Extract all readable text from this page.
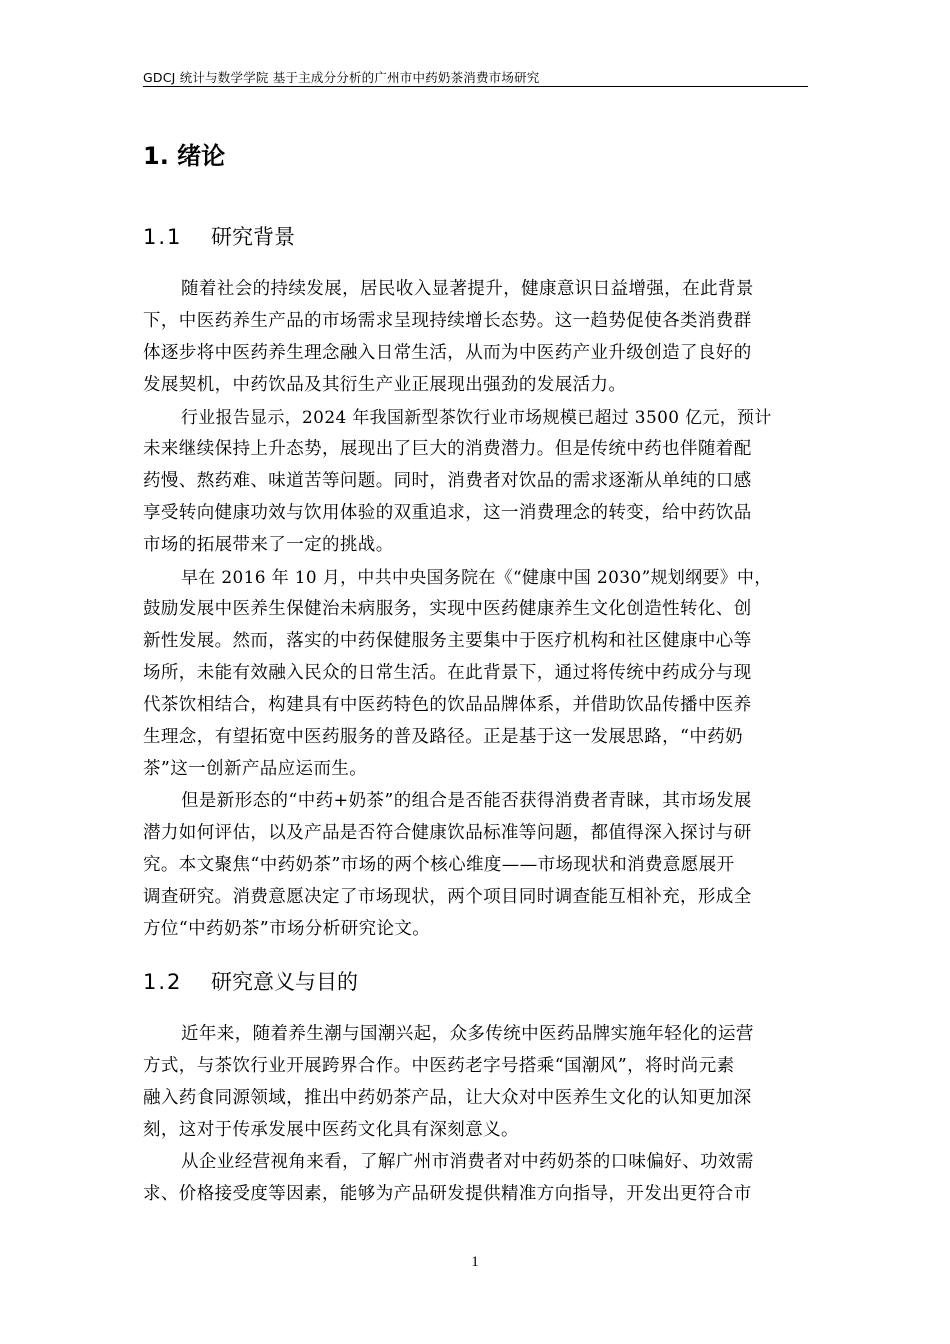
GDCJ 统计与数学学院 基于主成分分析的广州市中药奶茶消费市场研究
1. 绪论
1.1 研究背景
随着社会的持续发展，居民收入显著提升，健康意识日益增强，在此背景
下，中医药养生产品的市场需求呈现持续增长态势。这一趋势促使各类消费群
体逐步将中医药养生理念融入日常生活，从而为中医药产业升级创造了良好的
发展契机，中药饮品及其衍生产业正展现出强劲的发展活力。
行业报告显示，2024 年我国新型茶饮行业市场规模已超过 3500 亿元，预计
未来继续保持上升态势，展现出了巨大的消费潜力。但是传统中药也伴随着配
药慢、熬药难、味道苦等问题。同时，消费者对饮品的需求逐渐从单纯的口感
享受转向健康功效与饮用体验的双重追求，这一消费理念的转变，给中药饮品
市场的拓展带来了一定的挑战。
早在 2016 年 10 月，中共中央国务院在《“健康中国 2030”规划纲要》中，
鼓励发展中医养生保健治未病服务，实现中医药健康养生文化创造性转化、创
新性发展。然而，落实的中药保健服务主要集中于医疗机构和社区健康中心等
场所，未能有效融入民众的日常生活。在此背景下，通过将传统中药成分与现
代茶饮相结合，构建具有中医药特色的饮品品牌体系，并借助饮品传播中医养
生理念，有望拓宽中医药服务的普及路径。正是基于这一发展思路，“中药奶
茶”这一创新产品应运而生。
但是新形态的“中药+奶茶”的组合是否能否获得消费者青睐，其市场发展
潜力如何评估，以及产品是否符合健康饮品标准等问题，都值得深入探讨与研
究。本文聚焦“中药奶茶”市场的两个核心维度——市场现状和消费意愿展开
调查研究。消费意愿决定了市场现状，两个项目同时调查能互相补充，形成全
方位“中药奶茶”市场分析研究论文。
1.2 研究意义与目的
近年来，随着养生潮与国潮兴起，众多传统中医药品牌实施年轻化的运营
方式，与茶饮行业开展跨界合作。中医药老字号搭乘“国潮风”，将时尚元素
融入药食同源领域，推出中药奶茶产品，让大众对中医养生文化的认知更加深
刻，这对于传承发展中医药文化具有深刻意义。
从企业经营视角来看，了解广州市消费者对中药奶茶的口味偏好、功效需
求、价格接受度等因素，能够为产品研发提供精准方向指导，开发出更符合市
1
